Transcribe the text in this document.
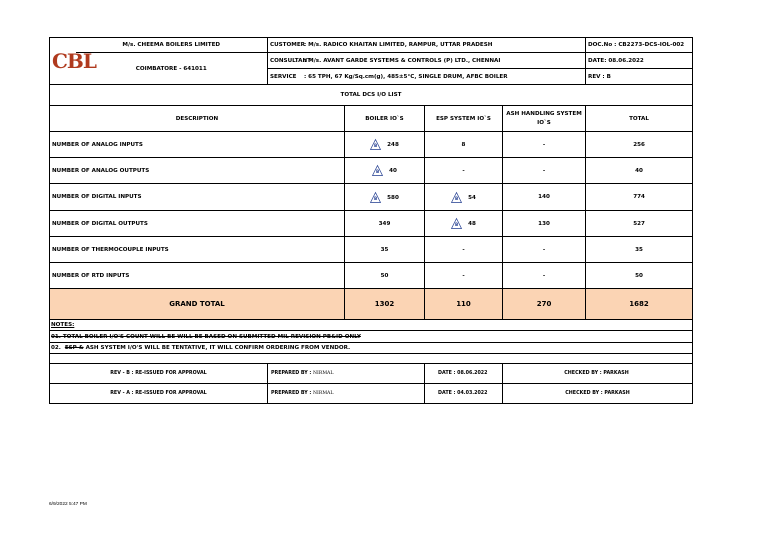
CBL	M/s. CHEEMA BOILERS LIMITED	CUSTOMER: M/s. RADICO KHAITAN LIMITED, RAMPUR, UTTAR PRADESH				DOC.No : CB2273-DCS-IOL-002	
	COIMBATORE - 641011	CONSULTANT: M/s. AVANT GARDE SYSTEMS & CONTROLS (P) LTD., CHENNAI				DATE: 08.06.2022	
		SERVICE : 65 TPH, 67 Kg/Sq.cm(g), 485±5°C, SINGLE DRUM, AFBC BOILER				REV : B	
TOTAL DCS I/O LIST							
DESCRIPTION			BOILER IO`S	ESP SYSTEM IO`S	ASH HANDLING SYSTEM IO`S	TOTAL	
NUMBER OF ANALOG INPUTS			B 248	8	-	256	
NUMBER OF ANALOG OUTPUTS			B 40	-	-	40	
NUMBER OF DIGITAL INPUTS			B 580	B 54	140	774	
NUMBER OF DIGITAL OUTPUTS			349	B 48	130	527	
NUMBER OF THERMOCOUPLE INPUTS			35	-	-	35	
NUMBER OF RTD INPUTS			50	-	-	50	
GRAND TOTAL			1302	110	270	1682	
NOTES:							
01. TOTAL BOILER I/O'S COUNT WILL BE WILL BE BASED ON SUBMITTED MIL REVISION PB&ID ONLY							
02. ESP & ASH SYSTEM I/O'S WILL BE TENTATIVE, IT WILL CONFIRM ORDERING FROM VENDOR.							

REV - B : RE-ISSUED FOR APPROVAL		PREPARED BY : NIRMAL		DATE : 08.06.2022	CHECKED BY : PARKASH	
REV - A : RE-ISSUED FOR APPROVAL		PREPARED BY : NIRMAL		DATE : 04.03.2022	CHECKED BY : PARKASH	
6/9/2022 5:47 PM
